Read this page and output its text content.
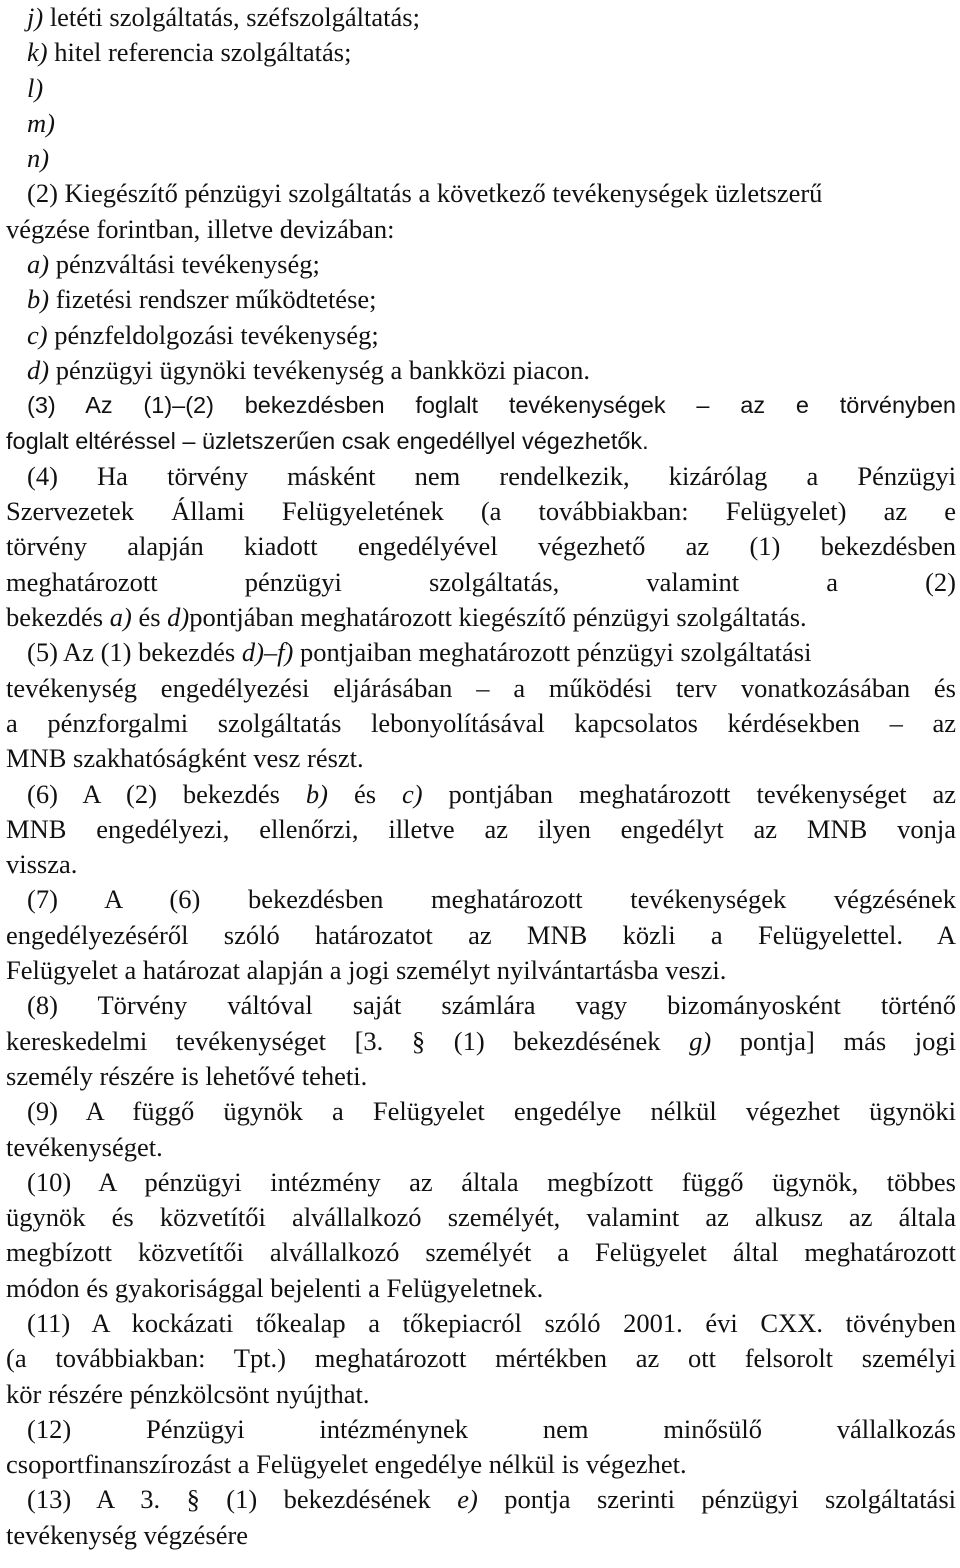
j) letéti szolgáltatás, széfszolgáltatás;
k) hitel referencia szolgáltatás;
l)
m)
n)
(2) Kiegészítő pénzügyi szolgáltatás a következő tevékenységek üzletszerű
végzése forintban, illetve devizában:
a) pénzváltási tevékenység;
b) fizetési rendszer működtetése;
c) pénzfeldolgozási tevékenység;
d) pénzügyi ügynöki tevékenység a bankközi piacon.
(3) Az (1)–(2) bekezdésben foglalt tevékenységek – az e törvényben
foglalt eltéréssel – üzletszerűen csak engedéllyel végezhetők.
(4) Ha törvény másként nem rendelkezik, kizárólag a Pénzügyi
Szervezetek Állami Felügyeletének (a továbbiakban: Felügyelet) az e
törvény alapján kiadott engedélyével végezhető az (1) bekezdésben
meghatározott pénzügyi szolgáltatás, valamint a (2)
bekezdés a) és d)pontjában meghatározott kiegészítő pénzügyi szolgáltatás.
(5) Az (1) bekezdés d)–f) pontjaiban meghatározott pénzügyi szolgáltatási
tevékenység engedélyezési eljárásában – a működési terv vonatkozásában és
a pénzforgalmi szolgáltatás lebonyolításával kapcsolatos kérdésekben – az
MNB szakhatóságként vesz részt.
(6) A (2) bekezdés b) és c) pontjában meghatározott tevékenységet az
MNB engedélyezi, ellenőrzi, illetve az ilyen engedélyt az MNB vonja
vissza.
(7) A (6) bekezdésben meghatározott tevékenységek végzésének
engedélyezéséről szóló határozatot az MNB közli a Felügyelettel. A
Felügyelet a határozat alapján a jogi személyt nyilvántartásba veszi.
(8) Törvény váltóval saját számlára vagy bizományosként történő
kereskedelmi tevékenységet [3. § (1) bekezdésének g) pontja] más jogi
személy részére is lehetővé teheti.
(9) A függő ügynök a Felügyelet engedélye nélkül végezhet ügynöki
tevékenységet.
(10) A pénzügyi intézmény az általa megbízott függő ügynök, többes
ügynök és közvetítői alvállalkozó személyét, valamint az alkusz az általa
megbízott közvetítői alvállalkozó személyét a Felügyelet által meghatározott
módon és gyakorisággal bejelenti a Felügyeletnek.
(11) A kockázati tőkealap a tőkepiacról szóló 2001. évi CXX. tövényben
(a továbbiakban: Tpt.) meghatározott mértékben az ott felsorolt személyi
kör részére pénzkölcsönt nyújthat.
(12) Pénzügyi intézménynek nem minősülő vállalkozás
csoportfinanszírozást a Felügyelet engedélye nélkül is végezhet.
(13) A 3. § (1) bekezdésének e) pontja szerinti pénzügyi szolgáltatási
tevékenység végzésére
